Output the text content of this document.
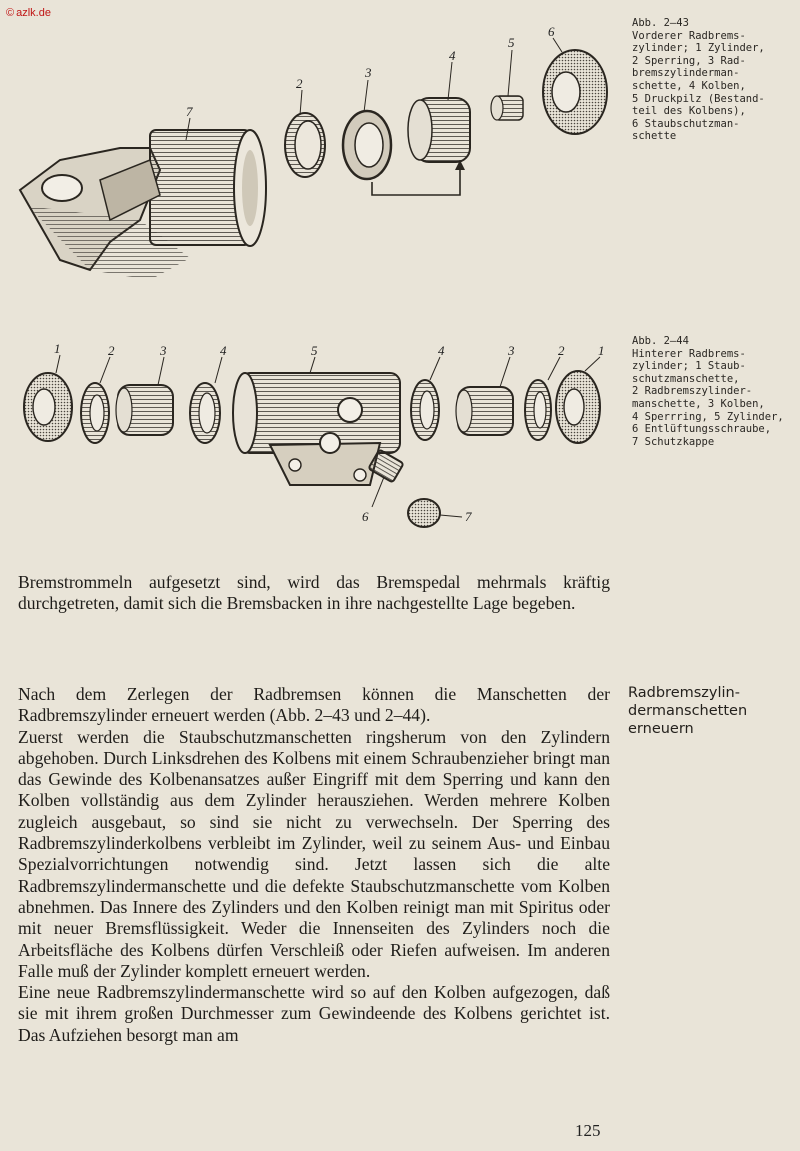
© azlk.de
7
2
3
4
5
6
Abb. 2–43
Vorderer Radbrems-
zylinder; 1 Zylinder,
2 Sperring, 3 Rad-
bremszylinderman-
schette, 4 Kolben,
5 Druckpilz (Bestand-
teil des Kolbens),
6 Staubschutzman-
schette
1	2	3	4	5	4	3	2	1
6	7
Abb. 2–44
Hinterer Radbrems-
zylinder; 1 Staub-
schutzmanschette,
2 Radbremszylinder-
manschette, 3 Kolben,
4 Sperrring, 5 Zylinder,
6 Entlüftungsschraube,
7 Schutzkappe

Bremstrommeln aufgesetzt sind, wird das Bremspedal mehrmals kräftig durchgetreten, damit sich die Bremsbacken in ihre nachgestellte Lage begeben.

Radbremszylin-
dermanschetten
erneuern

Nach dem Zerlegen der Radbremsen können die Manschetten der Radbremszylinder erneuert werden (Abb. 2–43 und 2–44).

Zuerst werden die Staubschutzmanschetten ringsherum von den Zylindern abgehoben. Durch Linksdrehen des Kolbens mit einem Schraubenzieher bringt man das Gewinde des Kolbenansatzes außer Eingriff mit dem Sperring und kann den Kolben vollständig aus dem Zylinder herausziehen. Werden mehrere Kolben zugleich ausgebaut, so sind sie nicht zu verwechseln. Der Sperring des Radbremszylinderkolbens verbleibt im Zylinder, weil zu seinem Aus- und Einbau Spezialvorrichtungen notwendig sind. Jetzt lassen sich die alte Radbremszylindermanschette und die defekte Staubschutzmanschette vom Kolben abnehmen. Das Innere des Zylinders und den Kolben reinigt man mit Spiritus oder mit neuer Bremsflüssigkeit. Weder die Innenseiten des Zylinders noch die Arbeitsfläche des Kolbens dürfen Verschleiß oder Riefen aufweisen. Im anderen Falle muß der Zylinder komplett erneuert werden.

Eine neue Radbremszylindermanschette wird so auf den Kolben aufgezogen, daß sie mit ihrem großen Durchmesser zum Gewindeende des Kolbens gerichtet ist. Das Aufziehen besorgt man am

125
